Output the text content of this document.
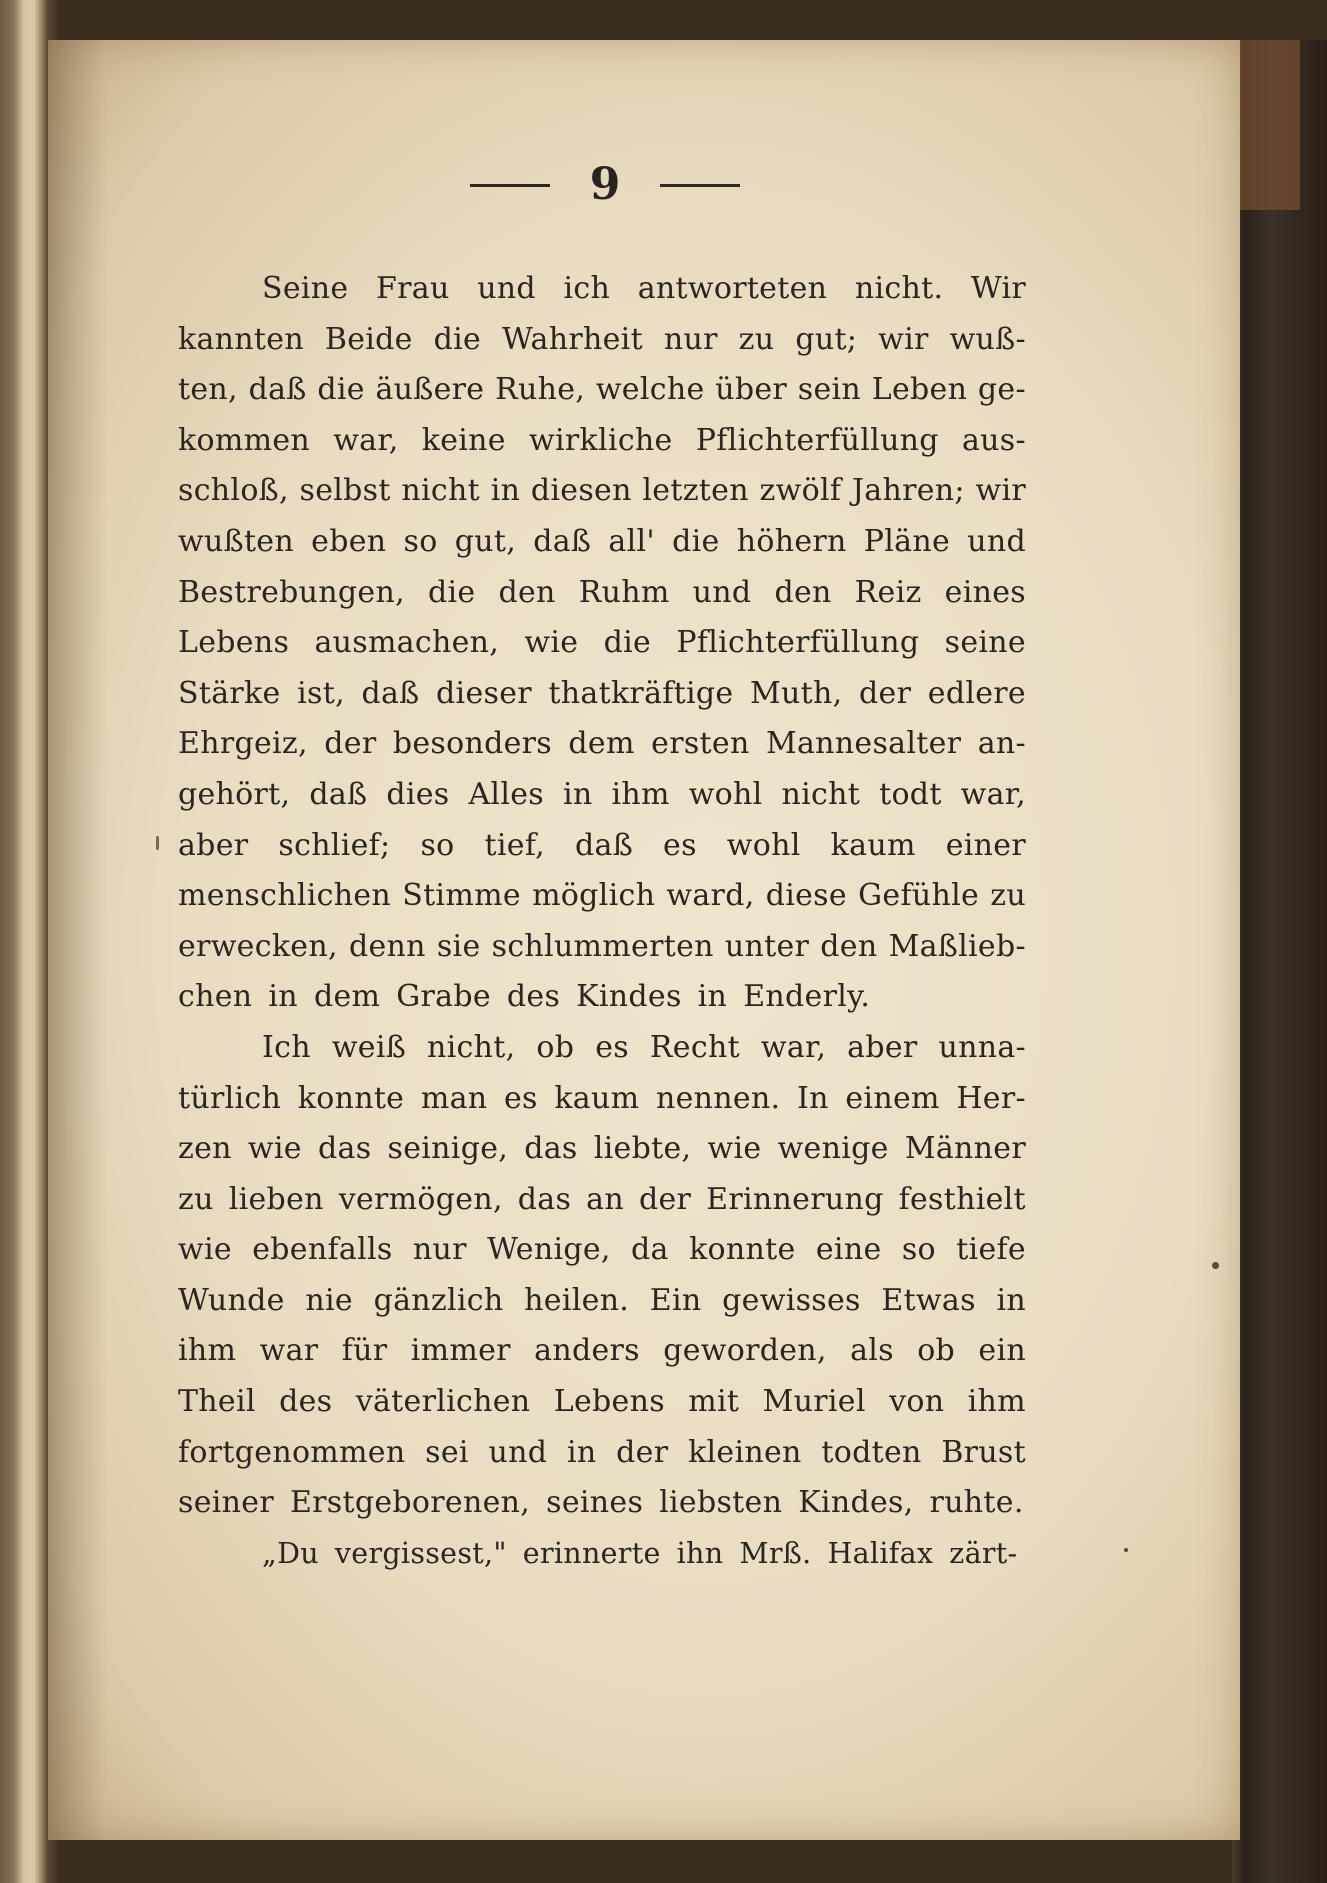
9
Seine Frau und ich antworteten nicht. Wir
kannten Beide die Wahrheit nur zu gut; wir wuß-
ten, daß die äußere Ruhe, welche über sein Leben ge-
kommen war, keine wirkliche Pflichterfüllung aus-
schloß, selbst nicht in diesen letzten zwölf Jahren; wir
wußten eben so gut, daß all' die höhern Pläne und
Bestrebungen, die den Ruhm und den Reiz eines
Lebens ausmachen, wie die Pflichterfüllung seine
Stärke ist, daß dieser thatkräftige Muth, der edlere
Ehrgeiz, der besonders dem ersten Mannesalter an-
gehört, daß dies Alles in ihm wohl nicht todt war,
aber schlief; so tief, daß es wohl kaum einer
menschlichen Stimme möglich ward, diese Gefühle zu
erwecken, denn sie schlummerten unter den Maßlieb-
chen in dem Grabe des Kindes in Enderly.
Ich weiß nicht, ob es Recht war, aber unna-
türlich konnte man es kaum nennen. In einem Her-
zen wie das seinige, das liebte, wie wenige Männer
zu lieben vermögen, das an der Erinnerung festhielt
wie ebenfalls nur Wenige, da konnte eine so tiefe
Wunde nie gänzlich heilen. Ein gewisses Etwas in
ihm war für immer anders geworden, als ob ein
Theil des väterlichen Lebens mit Muriel von ihm
fortgenommen sei und in der kleinen todten Brust
seiner Erstgeborenen, seines liebsten Kindes, ruhte.
„Du vergissest," erinnerte ihn Mrß. Halifax zärt-
